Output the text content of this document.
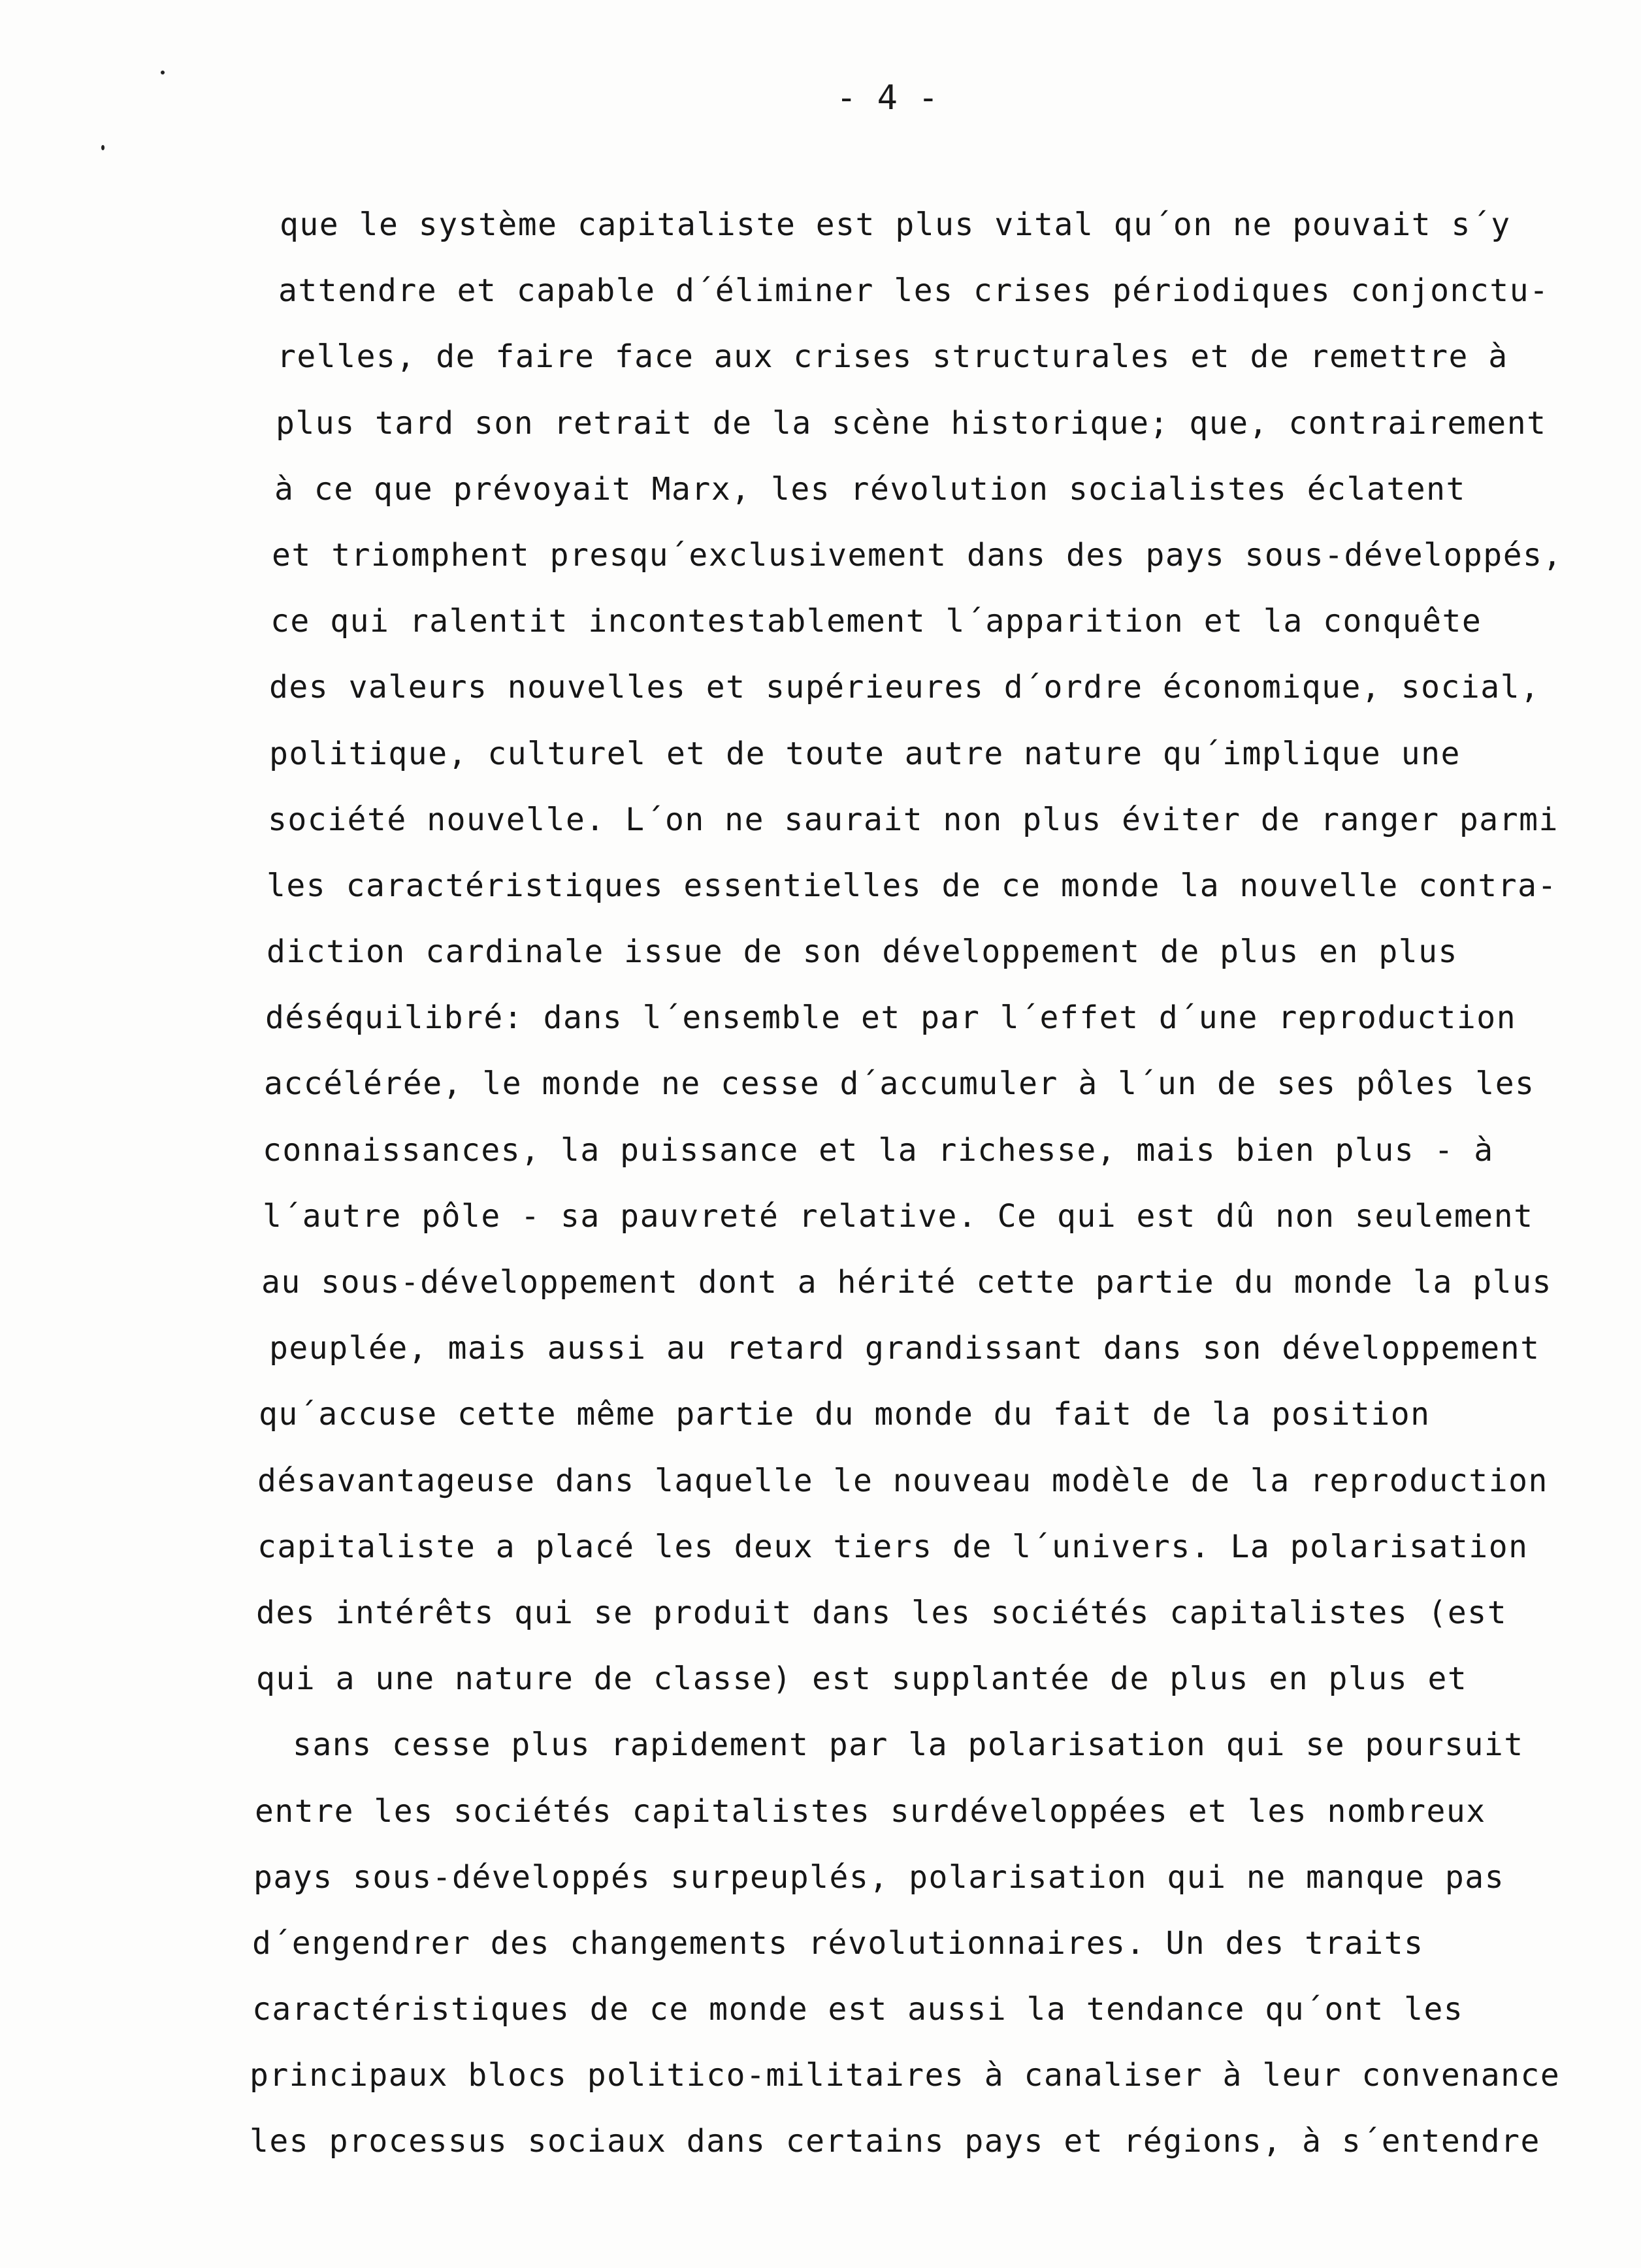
- 4 -
que le système capitaliste est plus vital qu´on ne pouvait s´y
attendre et capable d´éliminer les crises périodiques conjonctu-
relles, de faire face aux crises structurales et de remettre à
plus tard son retrait de la scène historique; que, contrairement
à ce que prévoyait Marx, les révolution socialistes éclatent
et triomphent presqu´exclusivement dans des pays sous-développés,
ce qui ralentit incontestablement l´apparition et la conquête
des valeurs nouvelles et supérieures d´ordre économique, social,
politique, culturel et de toute autre nature qu´implique une
société nouvelle. L´on ne saurait non plus éviter de ranger parmi
les caractéristiques essentielles de ce monde la nouvelle contra-
diction cardinale issue de son développement de plus en plus
déséquilibré: dans l´ensemble et par l´effet d´une reproduction
accélérée, le monde ne cesse d´accumuler à l´un de ses pôles les
connaissances, la puissance et la richesse, mais bien plus - à
l´autre pôle - sa pauvreté relative. Ce qui est dû non seulement
au sous-développement dont a hérité cette partie du monde la plus
peuplée, mais aussi au retard grandissant dans son développement
qu´accuse cette même partie du monde du fait de la position
désavantageuse dans laquelle le nouveau modèle de la reproduction
capitaliste a placé les deux tiers de l´univers. La polarisation
des intérêts qui se produit dans les sociétés capitalistes (est
qui a une nature de classe) est supplantée de plus en plus et
sans cesse plus rapidement par la polarisation qui se poursuit
entre les sociétés capitalistes surdéveloppées et les nombreux
pays sous-développés surpeuplés, polarisation qui ne manque pas
d´engendrer des changements révolutionnaires. Un des traits
caractéristiques de ce monde est aussi la tendance qu´ont les
principaux blocs politico-militaires à canaliser à leur convenance
les processus sociaux dans certains pays et régions, à s´entendre
